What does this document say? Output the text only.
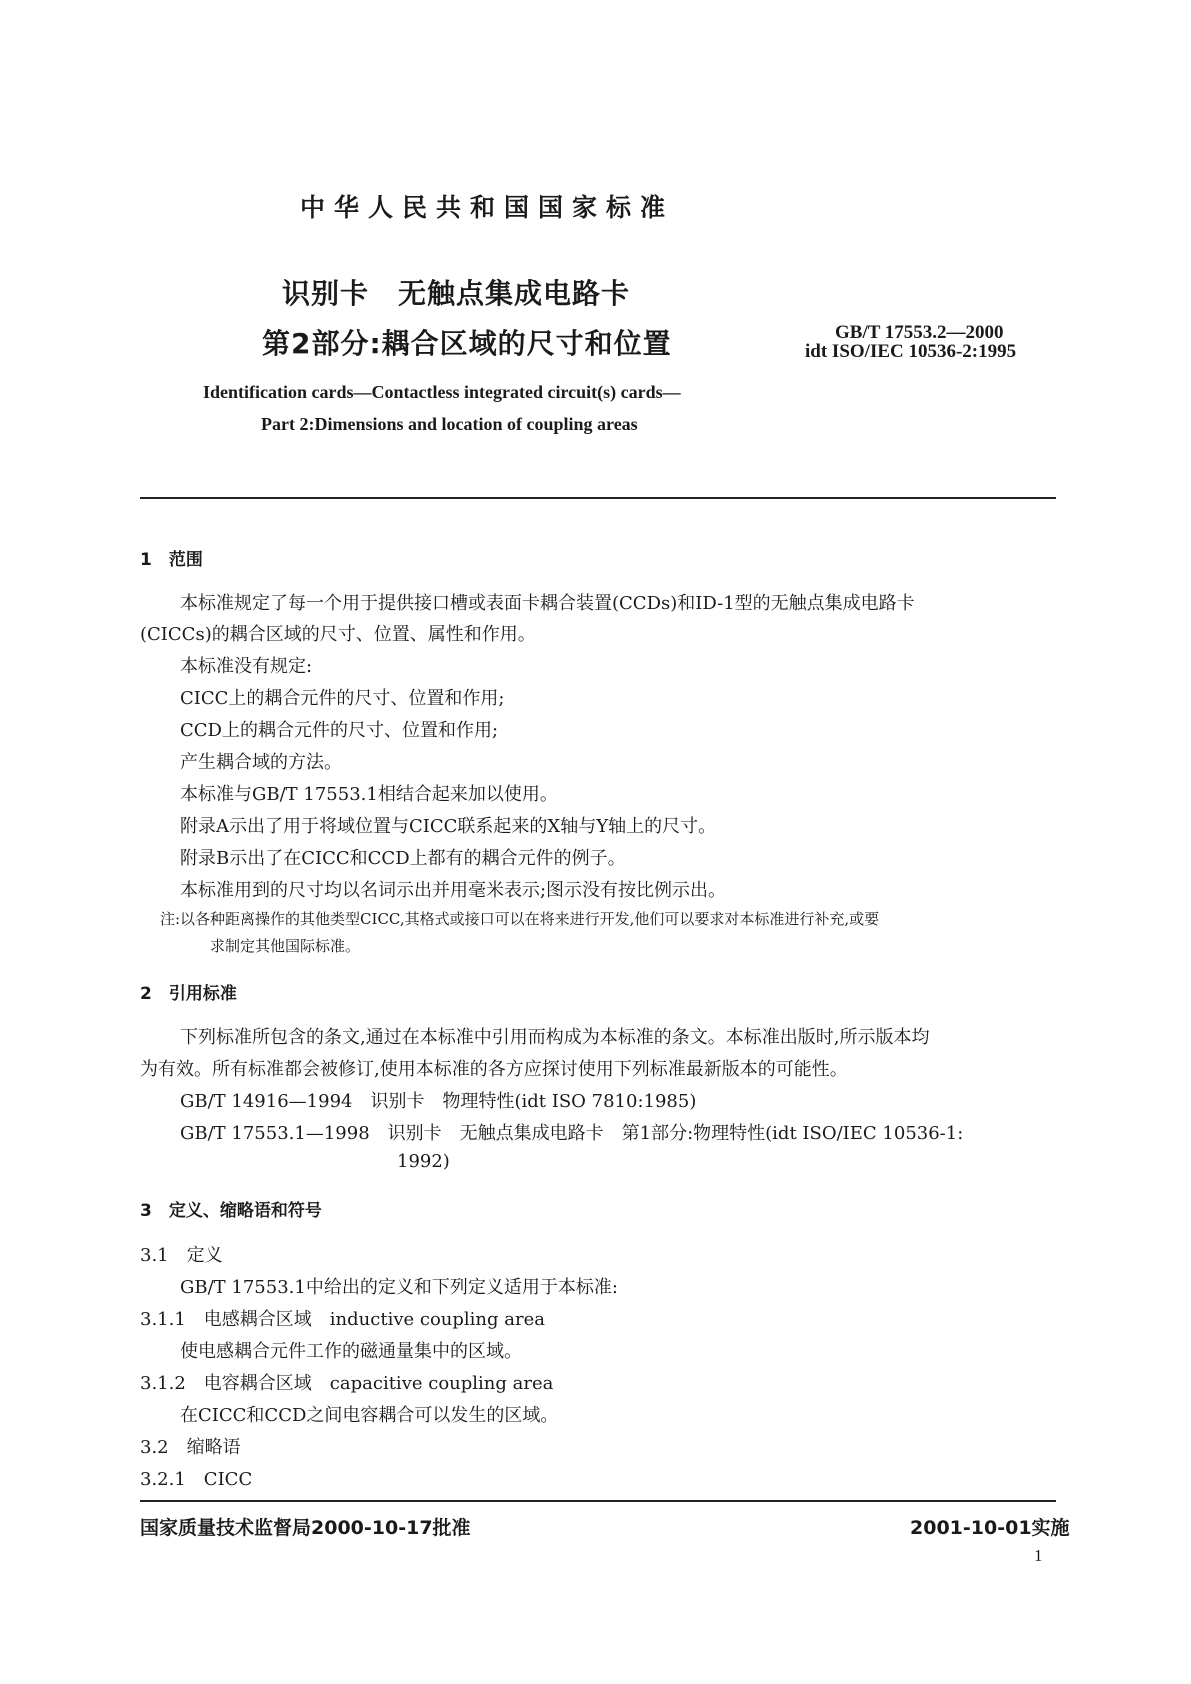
中华人民共和国国家标准
识别卡　无触点集成电路卡
第2部分:耦合区域的尺寸和位置	GB/T 17553.2—2000
idt ISO/IEC 10536-2:1995
Identification cards—Contactless integrated circuit(s) cards—
Part 2:Dimensions and location of coupling areas
1　范围
本标准规定了每一个用于提供接口槽或表面卡耦合装置(CCDs)和ID-1型的无触点集成电路卡
(CICCs)的耦合区域的尺寸、位置、属性和作用。
本标准没有规定:
CICC上的耦合元件的尺寸、位置和作用;
CCD上的耦合元件的尺寸、位置和作用;
产生耦合域的方法。
本标准与GB/T 17553.1相结合起来加以使用。
附录A示出了用于将域位置与CICC联系起来的X轴与Y轴上的尺寸。
附录B示出了在CICC和CCD上都有的耦合元件的例子。
本标准用到的尺寸均以名词示出并用毫米表示;图示没有按比例示出。
注:以各种距离操作的其他类型CICC,其格式或接口可以在将来进行开发,他们可以要求对本标准进行补充,或要
求制定其他国际标准。
2　引用标准
下列标准所包含的条文,通过在本标准中引用而构成为本标准的条文。本标准出版时,所示版本均
为有效。所有标准都会被修订,使用本标准的各方应探讨使用下列标准最新版本的可能性。
GB/T 14916—1994　识别卡　物理特性(idt ISO 7810:1985)
GB/T 17553.1—1998　识别卡　无触点集成电路卡　第1部分:物理特性(idt ISO/IEC 10536-1:
1992)
3　定义、缩略语和符号
3.1　定义
GB/T 17553.1中给出的定义和下列定义适用于本标准:
3.1.1　电感耦合区域　inductive coupling area
使电感耦合元件工作的磁通量集中的区域。
3.1.2　电容耦合区域　capacitive coupling area
在CICC和CCD之间电容耦合可以发生的区域。
3.2　缩略语
3.2.1　CICC
国家质量技术监督局2000-10-17批准	2001-10-01实施
1
